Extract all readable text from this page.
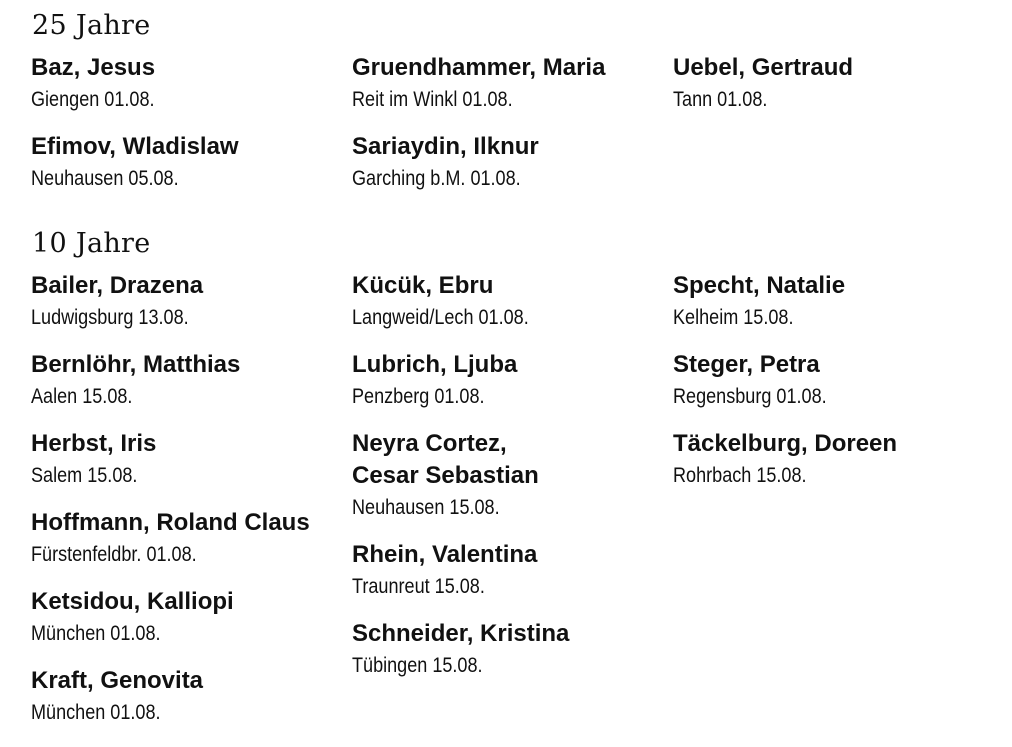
25 Jahre
Baz, Jesus
Giengen 01.08.
Efimov, Wladislaw
Neuhausen 05.08.
Gruendhammer, Maria
Reit im Winkl 01.08.
Sariaydin, Ilknur
Garching b.M. 01.08.
Uebel, Gertraud
Tann 01.08.
10 Jahre
Bailer, Drazena
Ludwigsburg 13.08.
Bernlöhr, Matthias
Aalen 15.08.
Herbst, Iris
Salem 15.08.
Hoffmann, Roland Claus
Fürstenfeldbr. 01.08.
Ketsidou, Kalliopi
München 01.08.
Kraft, Genovita
München 01.08.
Kücük, Ebru
Langweid/Lech 01.08.
Lubrich, Ljuba
Penzberg 01.08.
Neyra Cortez,
Cesar Sebastian
Neuhausen 15.08.
Rhein, Valentina
Traunreut 15.08.
Schneider, Kristina
Tübingen 15.08.
Specht, Natalie
Kelheim 15.08.
Steger, Petra
Regensburg 01.08.
Täckelburg, Doreen
Rohrbach 15.08.
